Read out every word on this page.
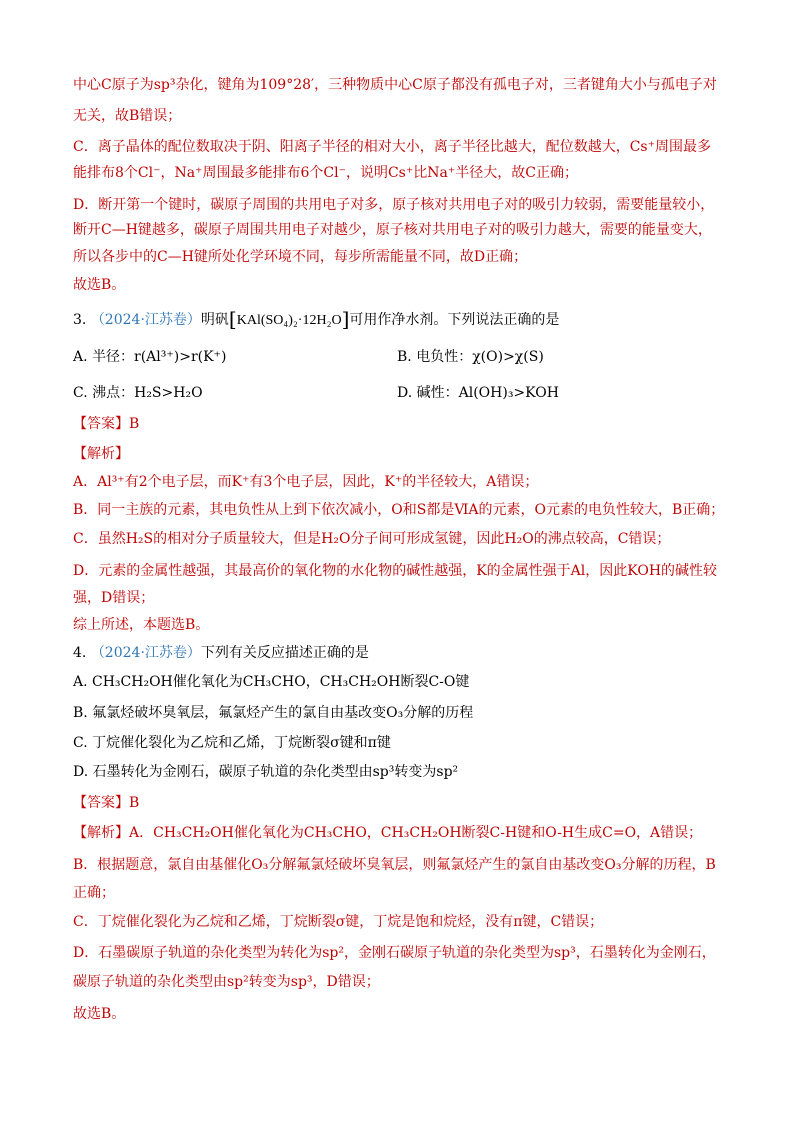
中心C原子为sp³杂化，键角为109°28′，三种物质中心C原子都没有孤电子对，三者键角大小与孤电子对
无关，故B错误；
C．离子晶体的配位数取决于阴、阳离子半径的相对大小，离子半径比越大，配位数越大，Cs⁺周围最多
能排布8个Cl⁻，Na⁺周围最多能排布6个Cl⁻，说明Cs⁺比Na⁺半径大，故C正确；
D．断开第一个键时，碳原子周围的共用电子对多，原子核对共用电子对的吸引力较弱，需要能量较小，
断开C—H键越多，碳原子周围共用电子对越少，原子核对共用电子对的吸引力越大，需要的能量变大，
所以各步中的C—H键所处化学环境不同，每步所需能量不同，故D正确；
故选B。
3. （2024·江苏卷）明矾[KAl(SO₄)₂·12H₂O]可用作净水剂。下列说法正确的是
A. 半径：r(Al³⁺)>r(K⁺)	B. 电负性：χ(O)>χ(S)
C. 沸点：H₂S>H₂O	D. 碱性：Al(OH)₃>KOH
【答案】B
【解析】
A．Al³⁺有2个电子层，而K⁺有3个电子层，因此，K⁺的半径较大，A错误；
B．同一主族的元素，其电负性从上到下依次减小，O和S都是ⅥA的元素，O元素的电负性较大，B正确；
C．虽然H₂S的相对分子质量较大，但是H₂O分子间可形成氢键，因此H₂O的沸点较高，C错误；
D．元素的金属性越强，其最高价的氧化物的水化物的碱性越强，K的金属性强于Al，因此KOH的碱性较
强，D错误；
综上所述，本题选B。
4. （2024·江苏卷）下列有关反应描述正确的是
A. CH₃CH₂OH催化氧化为CH₃CHO，CH₃CH₂OH断裂C-O键
B. 氟氯烃破坏臭氧层，氟氯烃产生的氯自由基改变O₃分解的历程
C. 丁烷催化裂化为乙烷和乙烯，丁烷断裂σ键和π键
D. 石墨转化为金刚石，碳原子轨道的杂化类型由sp³转变为sp²
【答案】B
【解析】A．CH₃CH₂OH催化氧化为CH₃CHO，CH₃CH₂OH断裂C-H键和O-H生成C=O，A错误；
B．根据题意，氯自由基催化O₃分解氟氯烃破坏臭氧层，则氟氯烃产生的氯自由基改变O₃分解的历程，B
正确；
C．丁烷催化裂化为乙烷和乙烯，丁烷断裂σ键，丁烷是饱和烷烃，没有π键，C错误；
D．石墨碳原子轨道的杂化类型为转化为sp²，金刚石碳原子轨道的杂化类型为sp³，石墨转化为金刚石，
碳原子轨道的杂化类型由sp²转变为sp³，D错误；
故选B。
